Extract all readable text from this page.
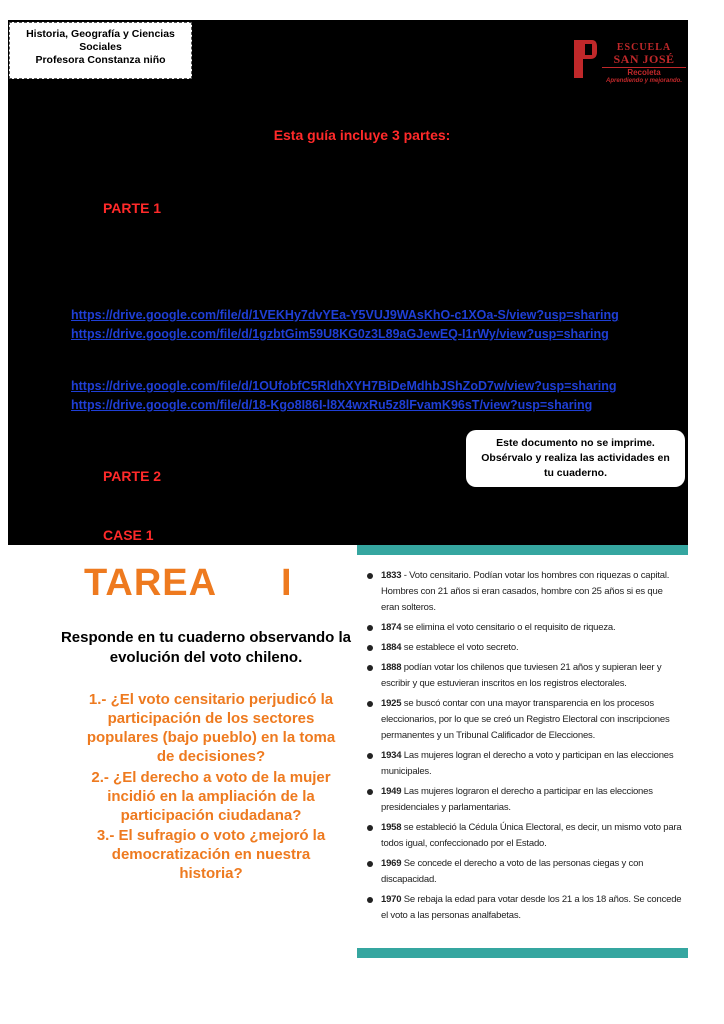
Historia, Geografía y Ciencias
Sociales
Profesora Constanza niño
ESCUELA
SAN JOSÉ
Recoleta
Aprendiendo y mejorando.
Esta guía incluye 3 partes:
PARTE 1
https://drive.google.com/file/d/1VEKHy7dvYEa-Y5VUJ9WAsKhO-c1XOa-S/view?usp=sharing
https://drive.google.com/file/d/1gzbtGim59U8KG0z3L89aGJewEQ-I1rWy/view?usp=sharing
https://drive.google.com/file/d/1OUfobfC5RldhXYH7BiDeMdhbJShZoD7w/view?usp=sharing
https://drive.google.com/file/d/18-Kgo8I86I-l8X4wxRu5z8lFvamK96sT/view?usp=sharing
Este documento no se imprime.
Obsérvalo y realiza las actividades en
tu cuaderno.
PARTE 2
CASE 1
TAREA I
Responde en tu cuaderno observando la
evolución del voto chileno.
1.- ¿El voto censitario perjudicó la
participación de los sectores
populares (bajo pueblo) en la toma
de decisiones?
2.- ¿El derecho a voto de la mujer
incidió en la ampliación de la
participación ciudadana?
3.- El sufragio o voto ¿mejoró la
democratización en nuestra
historia?
1833 - Voto censitario. Podían votar los hombres con riquezas o capital. Hombres con 21 años si eran casados, hombre con 25 años si es que eran solteros.
1874 se elimina el voto censitario o el requisito de riqueza.
1884 se establece el voto secreto.
1888 podían votar los chilenos que tuviesen 21 años y supieran leer y escribir y que estuvieran inscritos en los registros electorales.
1925 se buscó contar con una mayor transparencia en los procesos eleccionarios, por lo que se creó un Registro Electoral con inscripciones permanentes y un Tribunal Calificador de Elecciones.
1934 Las mujeres logran el derecho a voto y participan en las elecciones municipales.
1949 Las mujeres lograron el derecho a participar en las elecciones presidenciales y parlamentarias.
1958 se estableció la Cédula Única Electoral, es decir, un mismo voto para todos igual, confeccionado por el Estado.
1969 Se concede el derecho a voto de las personas ciegas y con discapacidad.
1970 Se rebaja la edad para votar desde los 21 a los 18 años. Se concede el voto a las personas analfabetas.
